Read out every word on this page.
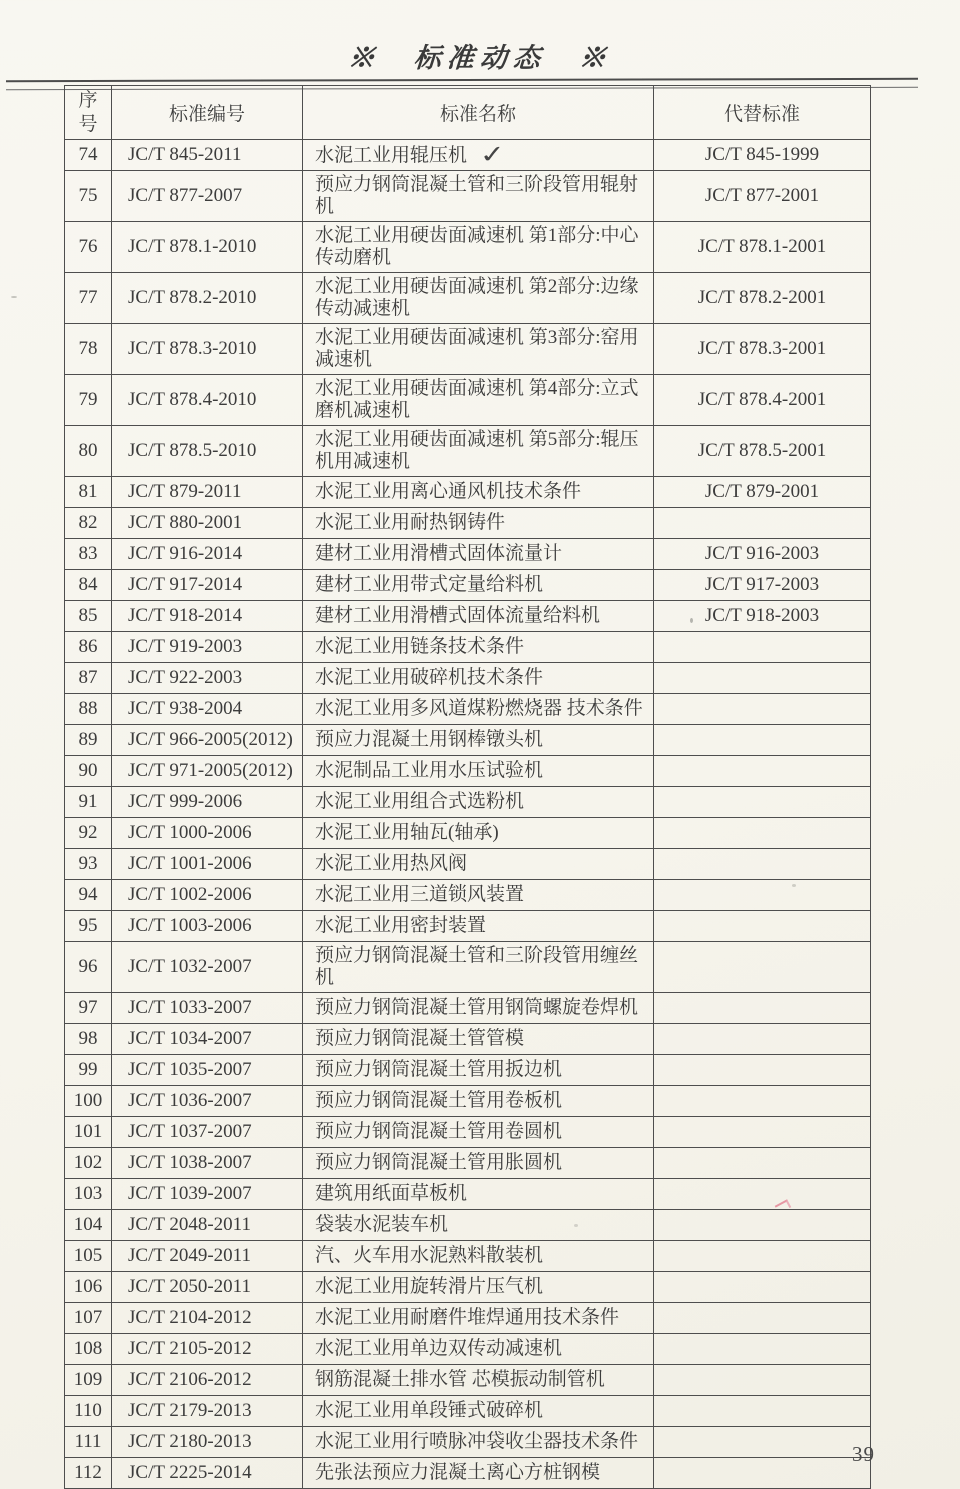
※　标准动态　※
序号	标准编号	标准名称	代替标准
74	JC/T 845-2011	水泥工业用辊压机 ✓	JC/T 845-1999
75	JC/T 877-2007	预应力钢筒混凝土管和三阶段管用辊射机	JC/T 877-2001
76	JC/T 878.1-2010	水泥工业用硬齿面减速机 第1部分:中心传动磨机	JC/T 878.1-2001
77	JC/T 878.2-2010	水泥工业用硬齿面减速机 第2部分:边缘传动减速机	JC/T 878.2-2001
78	JC/T 878.3-2010	水泥工业用硬齿面减速机 第3部分:窑用减速机	JC/T 878.3-2001
79	JC/T 878.4-2010	水泥工业用硬齿面减速机 第4部分:立式磨机减速机	JC/T 878.4-2001
80	JC/T 878.5-2010	水泥工业用硬齿面减速机 第5部分:辊压机用减速机	JC/T 878.5-2001
81	JC/T 879-2011	水泥工业用离心通风机技术条件	JC/T 879-2001
82	JC/T 880-2001	水泥工业用耐热钢铸件	
83	JC/T 916-2014	建材工业用滑槽式固体流量计	JC/T 916-2003
84	JC/T 917-2014	建材工业用带式定量给料机	JC/T 917-2003
85	JC/T 918-2014	建材工业用滑槽式固体流量给料机	JC/T 918-2003
86	JC/T 919-2003	水泥工业用链条技术条件	
87	JC/T 922-2003	水泥工业用破碎机技术条件	
88	JC/T 938-2004	水泥工业用多风道煤粉燃烧器 技术条件	
89	JC/T 966-2005(2012)	预应力混凝土用钢棒镦头机	
90	JC/T 971-2005(2012)	水泥制品工业用水压试验机	
91	JC/T 999-2006	水泥工业用组合式选粉机	
92	JC/T 1000-2006	水泥工业用轴瓦(轴承)	
93	JC/T 1001-2006	水泥工业用热风阀	
94	JC/T 1002-2006	水泥工业用三道锁风装置	
95	JC/T 1003-2006	水泥工业用密封装置	
96	JC/T 1032-2007	预应力钢筒混凝土管和三阶段管用缠丝机	
97	JC/T 1033-2007	预应力钢筒混凝土管用钢筒螺旋卷焊机	
98	JC/T 1034-2007	预应力钢筒混凝土管管模	
99	JC/T 1035-2007	预应力钢筒混凝土管用扳边机	
100	JC/T 1036-2007	预应力钢筒混凝土管用卷板机	
101	JC/T 1037-2007	预应力钢筒混凝土管用卷圆机	
102	JC/T 1038-2007	预应力钢筒混凝土管用胀圆机	
103	JC/T 1039-2007	建筑用纸面草板机	
104	JC/T 2048-2011	袋装水泥装车机	
105	JC/T 2049-2011	汽、火车用水泥熟料散装机	
106	JC/T 2050-2011	水泥工业用旋转滑片压气机	
107	JC/T 2104-2012	水泥工业用耐磨件堆焊通用技术条件	
108	JC/T 2105-2012	水泥工业用单边双传动减速机	
109	JC/T 2106-2012	钢筋混凝土排水管 芯模振动制管机	
110	JC/T 2179-2013	水泥工业用单段锤式破碎机	
111	JC/T 2180-2013	水泥工业用行喷脉冲袋收尘器技术条件	
112	JC/T 2225-2014	先张法预应力混凝土离心方桩钢模	
39
